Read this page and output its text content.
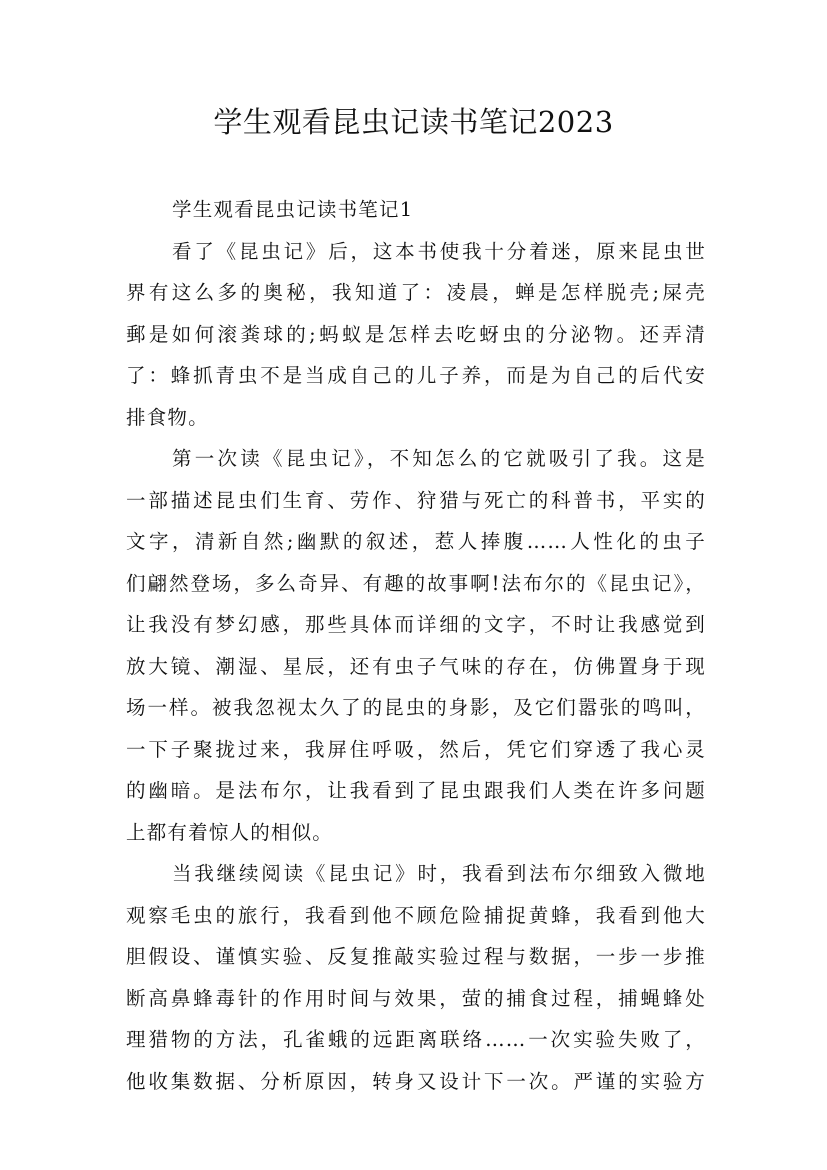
学生观看昆虫记读书笔记2023

学生观看昆虫记读书笔记1

看了《昆虫记》后，这本书使我十分着迷，原来昆虫世
界有这么多的奥秘，我知道了：凌晨，蝉是怎样脱壳;屎壳
郵是如何滚粪球的;蚂蚁是怎样去吃蚜虫的分泌物。还弄清
了：蜂抓青虫不是当成自己的儿子养，而是为自己的后代安
排食物。

第一次读《昆虫记》，不知怎么的它就吸引了我。这是
一部描述昆虫们生育、劳作、狩猎与死亡的科普书，平实的
文字，清新自然;幽默的叙述，惹人捧腹……人性化的虫子
们翩然登场，多么奇异、有趣的故事啊!法布尔的《昆虫记》，
让我没有梦幻感，那些具体而详细的文字，不时让我感觉到
放大镜、潮湿、星辰，还有虫子气味的存在，仿佛置身于现
场一样。被我忽视太久了的昆虫的身影，及它们嚣张的鸣叫，
一下子聚拢过来，我屏住呼吸，然后，凭它们穿透了我心灵
的幽暗。是法布尔，让我看到了昆虫跟我们人类在许多问题
上都有着惊人的相似。

当我继续阅读《昆虫记》时，我看到法布尔细致入微地
观察毛虫的旅行，我看到他不顾危险捕捉黄蜂，我看到他大
胆假设、谨慎实验、反复推敲实验过程与数据，一步一步推
断高鼻蜂毒针的作用时间与效果，萤的捕食过程，捕蝇蜂处
理猎物的方法，孔雀蛾的远距离联络……一次实验失败了，
他收集数据、分析原因，转身又设计下一次。严谨的实验方
